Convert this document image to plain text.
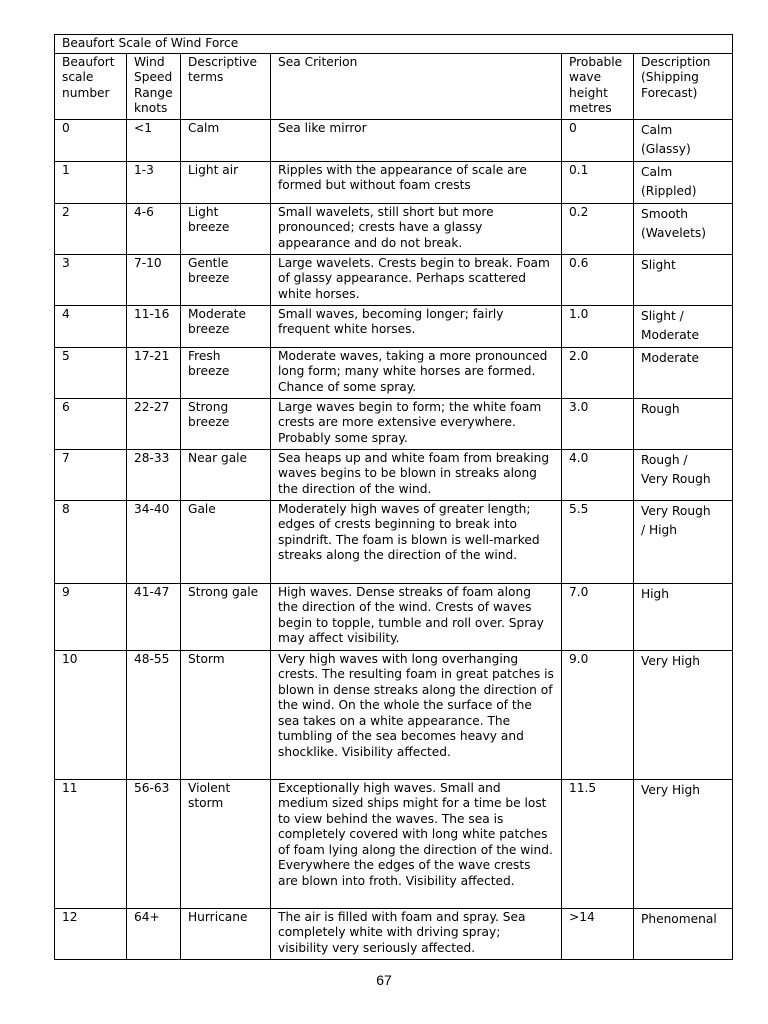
Beaufort Scale of Wind Force					
Beaufort scale number	Wind Speed Range knots	Descriptive terms	Sea Criterion	Probable wave height metres	Description (Shipping Forecast)
0	<1	Calm	Sea like mirror	0	Calm
(Glassy)
1	1-3	Light air	Ripples with the appearance of scale are formed but without foam crests	0.1	Calm
(Rippled)
2	4-6	Light breeze	Small wavelets, still short but more pronounced; crests have a glassy appearance and do not break.	0.2	Smooth
(Wavelets)
3	7-10	Gentle breeze	Large wavelets. Crests begin to break. Foam of glassy appearance. Perhaps scattered white horses.	0.6	Slight
4	11-16	Moderate breeze	Small waves, becoming longer; fairly frequent white horses.	1.0	Slight /
Moderate
5	17-21	Fresh breeze	Moderate waves, taking a more pronounced long form; many white horses are formed. Chance of some spray.	2.0	Moderate
6	22-27	Strong breeze	Large waves begin to form; the white foam crests are more extensive everywhere. Probably some spray.	3.0	Rough
7	28-33	Near gale	Sea heaps up and white foam from breaking waves begins to be blown in streaks along the direction of the wind.	4.0	Rough /
Very Rough
8	34-40	Gale	Moderately high waves of greater length; edges of crests beginning to break into spindrift. The foam is blown is well-marked streaks along the direction of the wind.	5.5	Very Rough
/ High
9	41-47	Strong gale	High waves. Dense streaks of foam along the direction of the wind. Crests of waves begin to topple, tumble and roll over. Spray may affect visibility.	7.0	High
10	48-55	Storm	Very high waves with long overhanging crests. The resulting foam in great patches is blown in dense streaks along the direction of the wind. On the whole the surface of the sea takes on a white appearance. The tumbling of the sea becomes heavy and shocklike. Visibility affected.	9.0	Very High
11	56-63	Violent storm	Exceptionally high waves. Small and medium sized ships might for a time be lost to view behind the waves. The sea is completely covered with long white patches of foam lying along the direction of the wind. Everywhere the edges of the wave crests are blown into froth. Visibility affected.	11.5	Very High
12	64+	Hurricane	The air is filled with foam and spray. Sea completely white with driving spray; visibility very seriously affected.	>14	Phenomenal
67
